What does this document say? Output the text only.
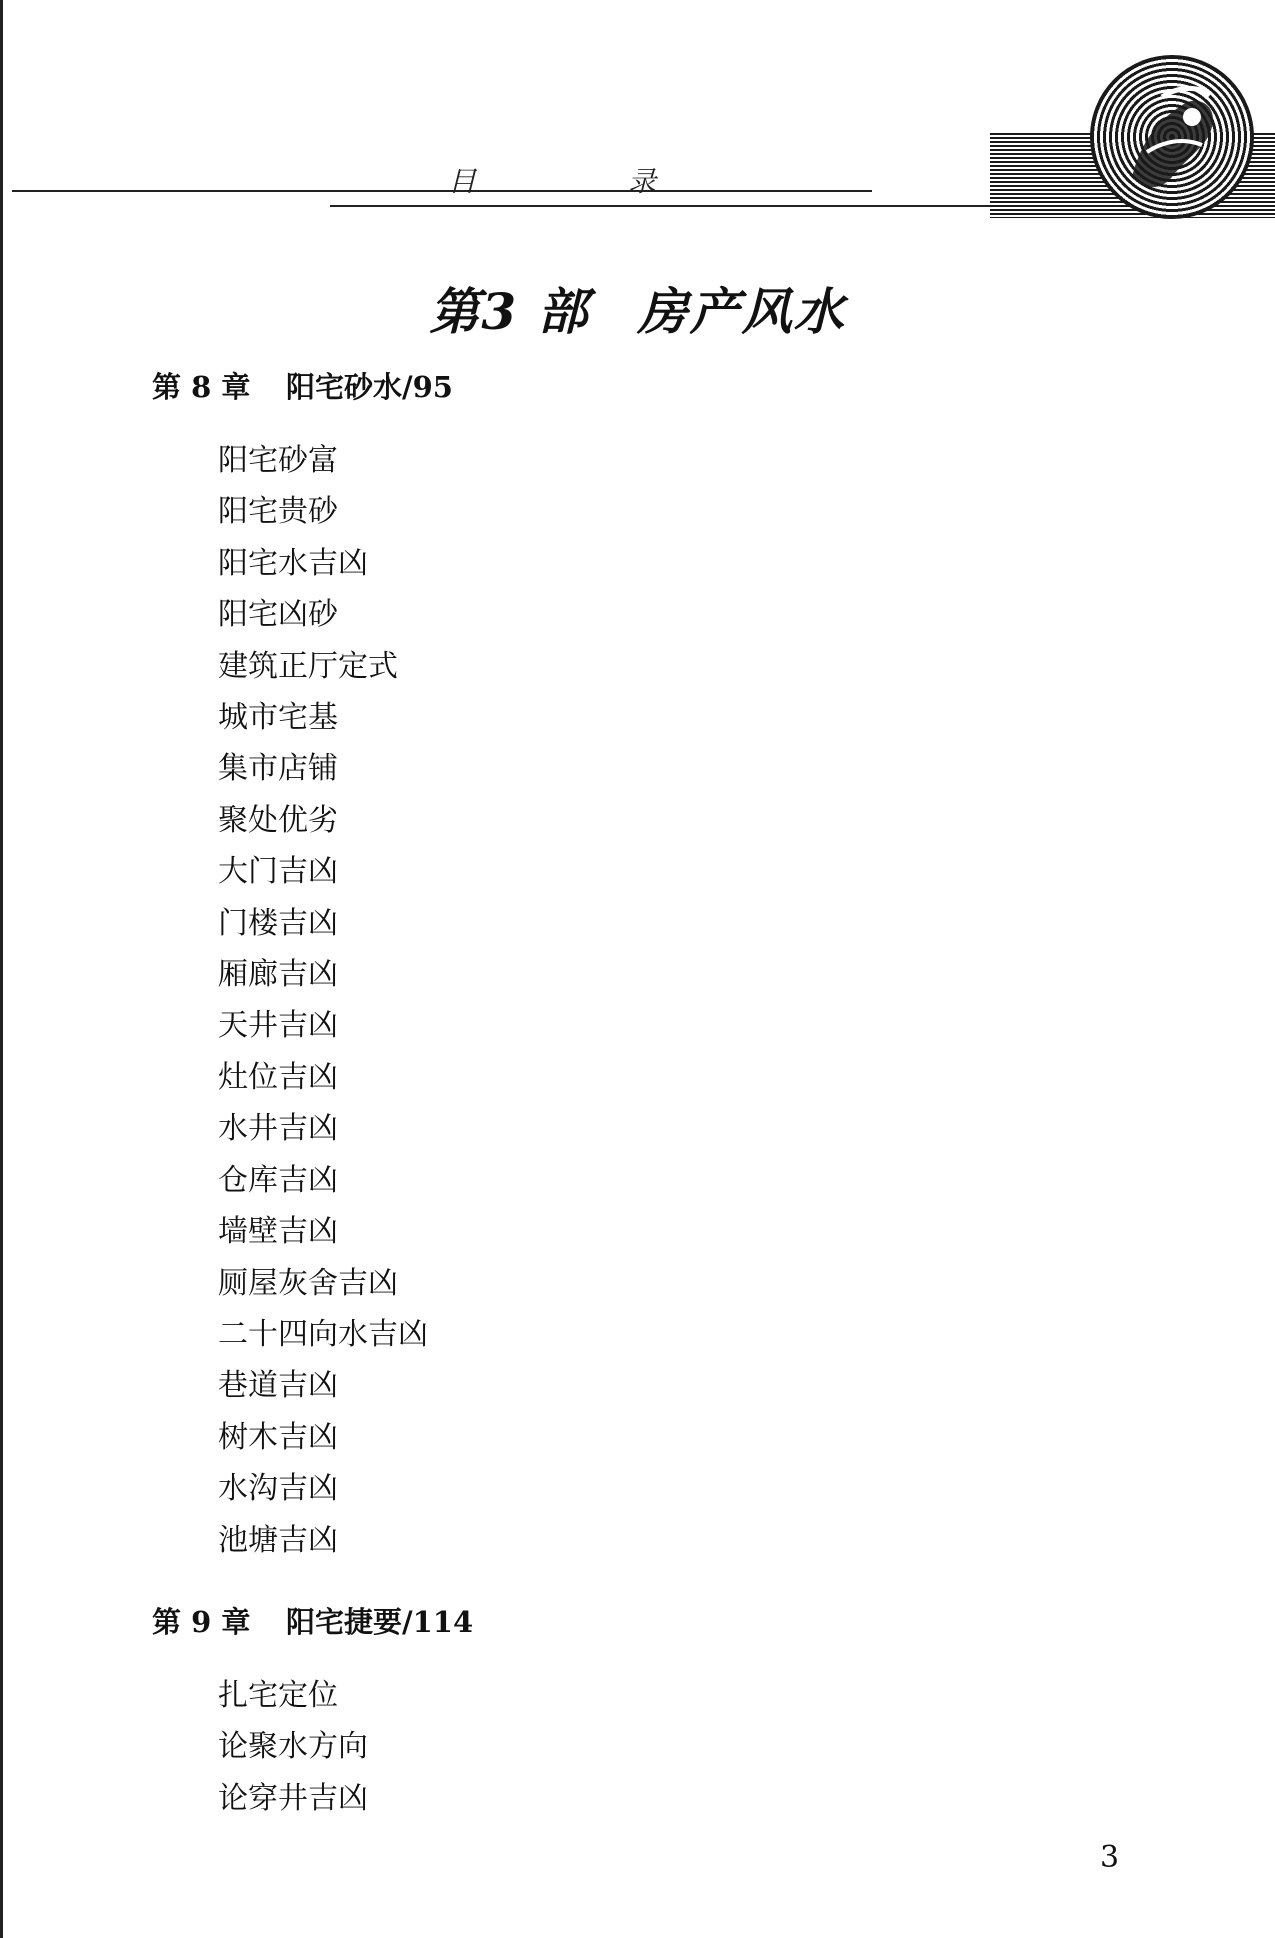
目	录
第3 部 房产风水
第 8 章 阳宅砂水/95
阳宅砂富
阳宅贵砂
阳宅水吉凶
阳宅凶砂
建筑正厅定式
城市宅基
集市店铺
聚处优劣
大门吉凶
门楼吉凶
厢廊吉凶
天井吉凶
灶位吉凶
水井吉凶
仓库吉凶
墙壁吉凶
厕屋灰舍吉凶
二十四向水吉凶
巷道吉凶
树木吉凶
水沟吉凶
池塘吉凶
第 9 章 阳宅捷要/114
扎宅定位
论聚水方向
论穿井吉凶
3
